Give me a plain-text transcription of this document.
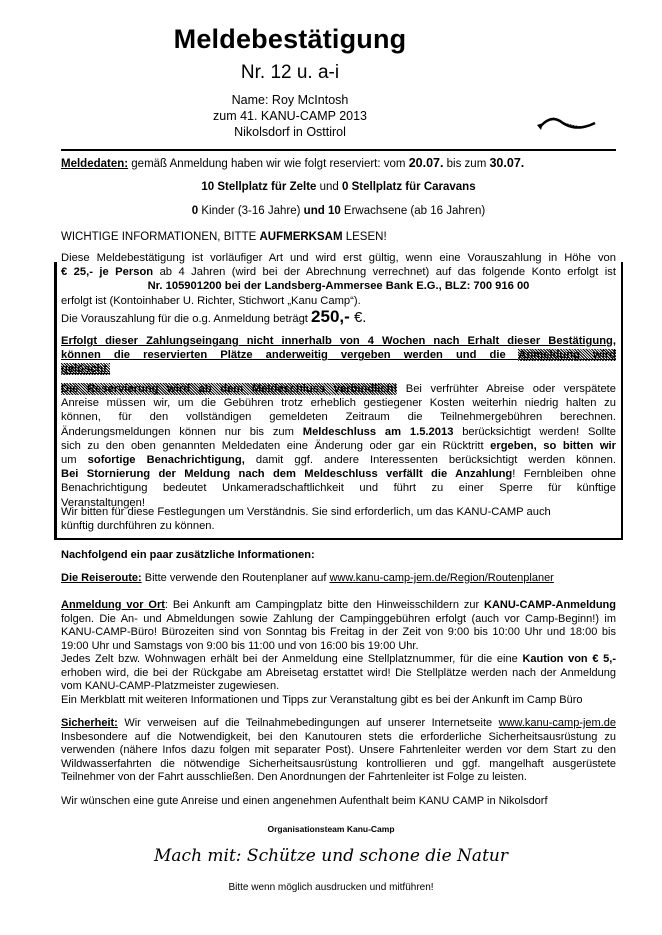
Meldebestätigung
Nr. 12 u. a-i
Name: Roy McIntosh
zum 41. KANU-CAMP 2013
Nikolsdorf in Osttirol
Meldedaten: gemäß Anmeldung haben wir wie folgt reserviert: vom 20.07. bis zum 30.07.
10 Stellplatz für Zelte und 0 Stellplatz für Caravans
0 Kinder (3-16 Jahre) und 10 Erwachsene (ab 16 Jahren)
WICHTIGE INFORMATIONEN, BITTE AUFMERKSAM LESEN!
Diese Meldebestätigung ist vorläufiger Art und wird erst gültig, wenn eine Vorauszahlung in Höhe von
€ 25,- je Person ab 4 Jahren (wird bei der Abrechnung verrechnet) auf das folgende Konto erfolgt ist
Nr. 105901200 bei der Landsberg-Ammersee Bank E.G., BLZ: 700 916 00
erfolgt ist (Kontoinhaber U. Richter, Stichwort „Kanu Camp“).
Die Vorauszahlung für die o.g. Anmeldung beträgt 250,- €.
Erfolgt dieser Zahlungseingang nicht innerhalb von 4 Wochen nach Erhalt dieser Bestätigung,
können die reservierten Plätze anderweitig vergeben werden und die Anmeldung wird
gelöscht.
Die Reservierung wird ab dem Meldeschluss verbindlich! Bei verfrühter Abreise oder verspätete
Anreise müssen wir, um die Gebühren trotz erheblich gestiegener Kosten weiterhin niedrig halten zu
können, für den vollständigen gemeldeten Zeitraum die Teilnehmergebühren berechnen.
Änderungsmeldungen können nur bis zum Meldeschluss am 1.5.2013 berücksichtigt werden! Sollte
sich zu den oben genannten Meldedaten eine Änderung oder gar ein Rücktritt ergeben, so bitten wir
um sofortige Benachrichtigung, damit ggf. andere Interessenten berücksichtigt werden können.
Bei Stornierung der Meldung nach dem Meldeschluss verfällt die Anzahlung! Fernbleiben ohne
Benachrichtigung bedeutet Unkameradschaftlichkeit und führt zu einer Sperre für künftige
Veranstaltungen!
Wir bitten für diese Festlegungen um Verständnis. Sie sind erforderlich, um das KANU-CAMP auch
künftig durchführen zu können.
Nachfolgend ein paar zusätzliche Informationen:
Die Reiseroute: Bitte verwende den Routenplaner auf www.kanu-camp-jem.de/Region/Routenplaner
Anmeldung vor Ort: Bei Ankunft am Campingplatz bitte den Hinweisschildern zur KANU-CAMP-Anmeldung
folgen. Die An- und Abmeldungen sowie Zahlung der Campinggebühren erfolgt (auch vor Camp-Beginn!) im
KANU-CAMP-Büro! Bürozeiten sind von Sonntag bis Freitag in der Zeit von 9:00 bis 10:00 Uhr und 18:00 bis
19:00 Uhr und Samstags von 9:00 bis 11:00 und von 16:00 bis 19:00 Uhr.
Jedes Zelt bzw. Wohnwagen erhält bei der Anmeldung eine Stellplatznummer, für die eine Kaution von € 5,-
erhoben wird, die bei der Rückgabe am Abreisetag erstattet wird! Die Stellplätze werden nach der Anmeldung
vom KANU-CAMP-Platzmeister zugewiesen.
Ein Merkblatt mit weiteren Informationen und Tipps zur Veranstaltung gibt es bei der Ankunft im Camp Büro
Sicherheit: Wir verweisen auf die Teilnahmebedingungen auf unserer Internetseite www.kanu-camp-jem.de
Insbesondere auf die Notwendigkeit, bei den Kanutouren stets die erforderliche Sicherheitsausrüstung zu
verwenden (nähere Infos dazu folgen mit separater Post). Unsere Fahrtenleiter werden vor dem Start zu den
Wildwasserfahrten die nötwendige Sicherheitsausrüstung kontrollieren und ggf. mangelhaft ausgerüstete
Teilnehmer von der Fahrt ausschließen. Den Anordnungen der Fahrtenleiter ist Folge zu leisten.
Wir wünschen eine gute Anreise und einen angenehmen Aufenthalt beim KANU CAMP in Nikolsdorf
Organisationsteam Kanu-Camp
Mach mit: Schütze und schone die Natur
Bitte wenn möglich ausdrucken und mitführen!
